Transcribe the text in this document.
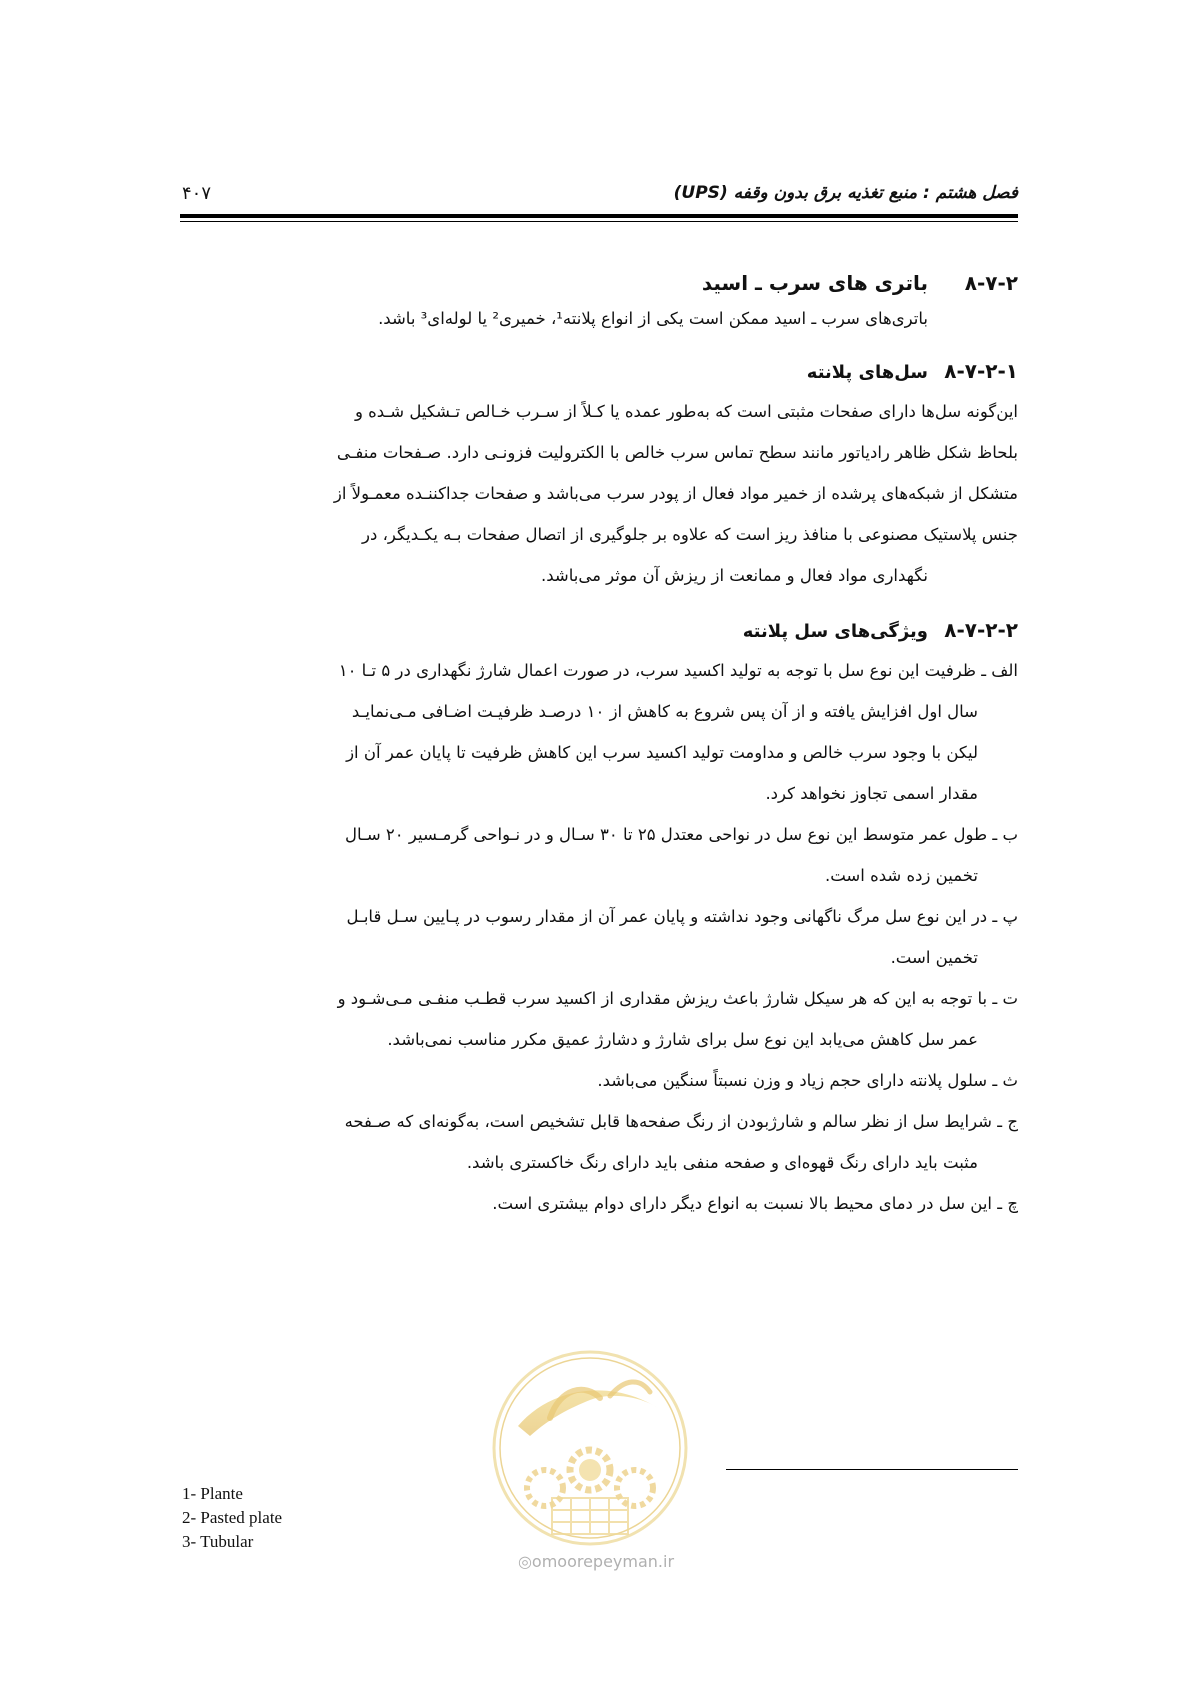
فصل هشتم : منبع تغذیه برق بدون وقفه (UPS)
۴۰۷
۸-۷-۲باتری های سرب ـ اسید
باتری‌های سرب ـ اسید ممکن است یکی از انواع پلانته¹، خمیری² یا لوله‌ای³ باشد.
۸-۷-۲-۱سل‌های پلانته
این‌گونه سل‌ها دارای صفحات مثبتی است که به‌طور عمده یا کـلاً از سـرب خـالص تـشکیل شـده و
بلحاظ شکل ظاهر رادیاتور مانند سطح تماس سرب خالص با الکترولیت فزونـی دارد. صـفحات منفـی
متشکل از شبکه‌های پرشده از خمیر مواد فعال از پودر سرب می‌باشد و صفحات جداکننـده معمـولاً از
جنس پلاستیک مصنوعی با منافذ ریز است که علاوه بر جلوگیری از اتصال صفحات بـه یکـدیگر، در
نگهداری مواد فعال و ممانعت از ریزش آن موثر می‌باشد.
۸-۷-۲-۲ویژگی‌های سل پلانته
الف ـ ظرفیت این نوع سل با توجه به تولید اکسید سرب، در صورت اعمال شارژ نگهداری در ۵ تـا ۱۰
سال اول افزایش یافته و از آن پس شروع به کاهش از ۱۰ درصـد ظرفیـت اضـافی مـی‌نمایـد
لیکن با وجود سرب خالص و مداومت تولید اکسید سرب این کاهش ظرفیت تا پایان عمر آن از
مقدار اسمی تجاوز نخواهد کرد.
ب ـ طول عمر متوسط این نوع سل در نواحی معتدل ۲۵ تا ۳۰ سـال و در نـواحی گرمـسیر ۲۰ سـال
تخمین زده شده است.
پ ـ در این نوع سل مرگ ناگهانی وجود نداشته و پایان عمر آن از مقدار رسوب در پـایین سـل قابـل
تخمین است.
ت ـ با توجه به این که هر سیکل شارژ باعث ریزش مقداری از اکسید سرب قطـب منفـی مـی‌شـود و
عمر سل کاهش می‌یابد این نوع سل برای شارژ و دشارژ عمیق مکرر مناسب نمی‌باشد.
ث ـ سلول پلانته دارای حجم زیاد و وزن نسبتاً سنگین می‌باشد.
ج ـ شرایط سل از نظر سالم و شارژبودن از رنگ صفحه‌ها قابل تشخیص است، به‌گونه‌ای که صـفحه
مثبت باید دارای رنگ قهوه‌ای و صفحه منفی باید دارای رنگ خاکستری باشد.
چ ـ این سل در دمای محیط بالا نسبت به انواع دیگر دارای دوام بیشتری است.
◎omoorepeyman.ir
1- Plante
2- Pasted plate
3- Tubular
